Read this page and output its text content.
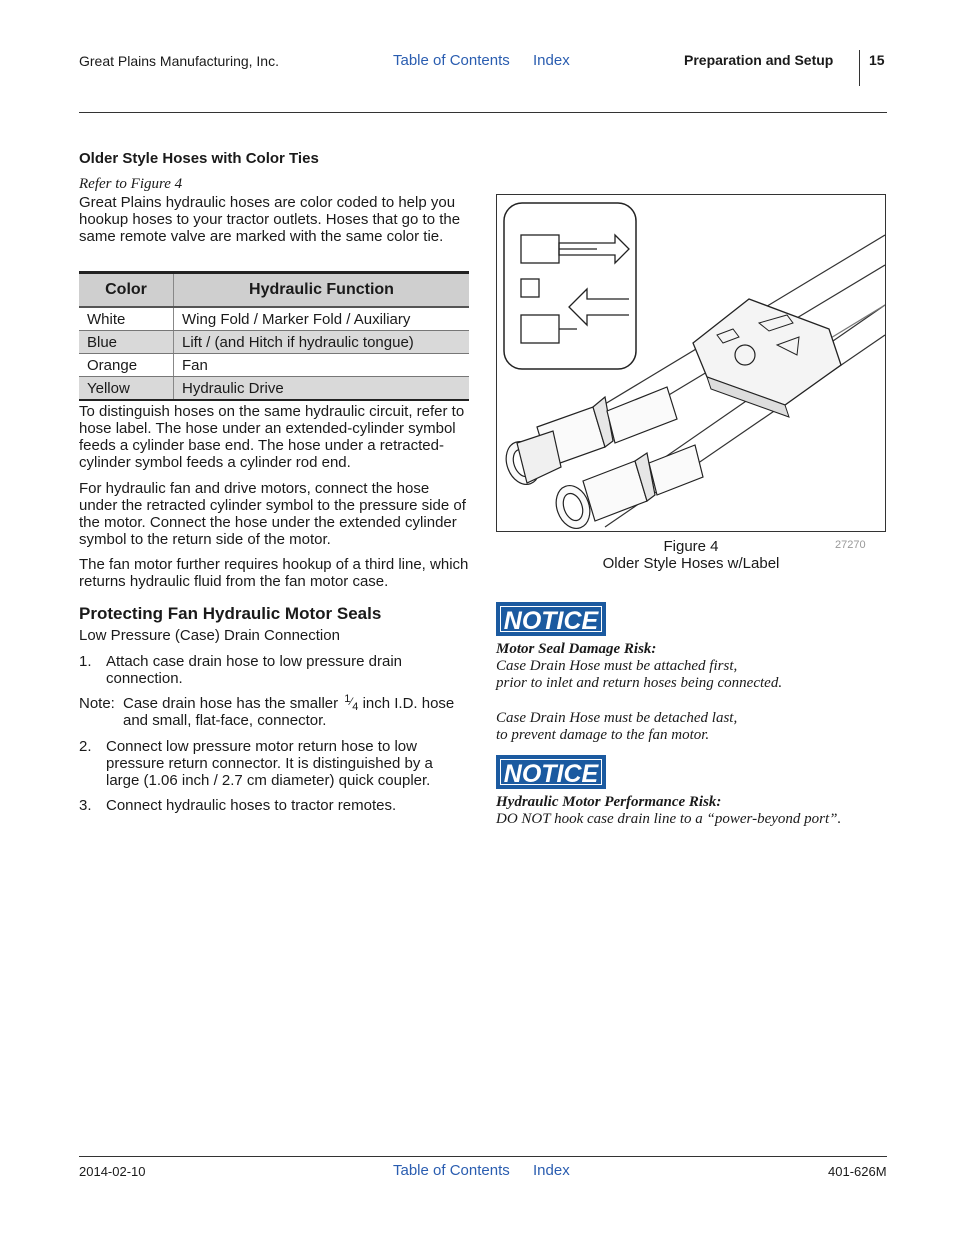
Great Plains Manufacturing, Inc.	Table of Contents Index	Preparation and Setup	15
Older Style Hoses with Color Ties
Refer to Figure 4
Great Plains hydraulic hoses are color coded to help you hookup hoses to your tractor outlets. Hoses that go to the same remote valve are marked with the same color tie.
Color	Hydraulic Function
White	Wing Fold / Marker Fold / Auxiliary
Blue	Lift / (and Hitch if hydraulic tongue)
Orange	Fan
Yellow	Hydraulic Drive
To distinguish hoses on the same hydraulic circuit, refer to hose label. The hose under an extended-cylinder symbol feeds a cylinder base end. The hose under a retracted-cylinder symbol feeds a cylinder rod end.
For hydraulic fan and drive motors, connect the hose under the retracted cylinder symbol to the pressure side of the motor. Connect the hose under the extended cylinder symbol to the return side of the motor.
The fan motor further requires hookup of a third line, which returns hydraulic fluid from the fan motor case.
Protecting Fan Hydraulic Motor Seals
Low Pressure (Case) Drain Connection
1. Attach case drain hose to low pressure drain connection.
Note: Case drain hose has the smaller $^{1⁄}$4 inch I.D. hose
and small, flat-face, connector.
2. Connect low pressure motor return hose to low pressure return connector. It is distinguished by a large (1.06 inch / 2.7 cm diameter) quick coupler.
3. Connect hydraulic hoses to tractor remotes.
Figure 4	27270
Older Style Hoses w/Label
NOTICE
Motor Seal Damage Risk:
Case Drain Hose must be attached first,
prior to inlet and return hoses being connected.
Case Drain Hose must be detached last,
to prevent damage to the fan motor.
NOTICE
Hydraulic Motor Performance Risk:
DO NOT hook case drain line to a “power-beyond port”.
2014-02-10	Table of Contents Index	401-626M
